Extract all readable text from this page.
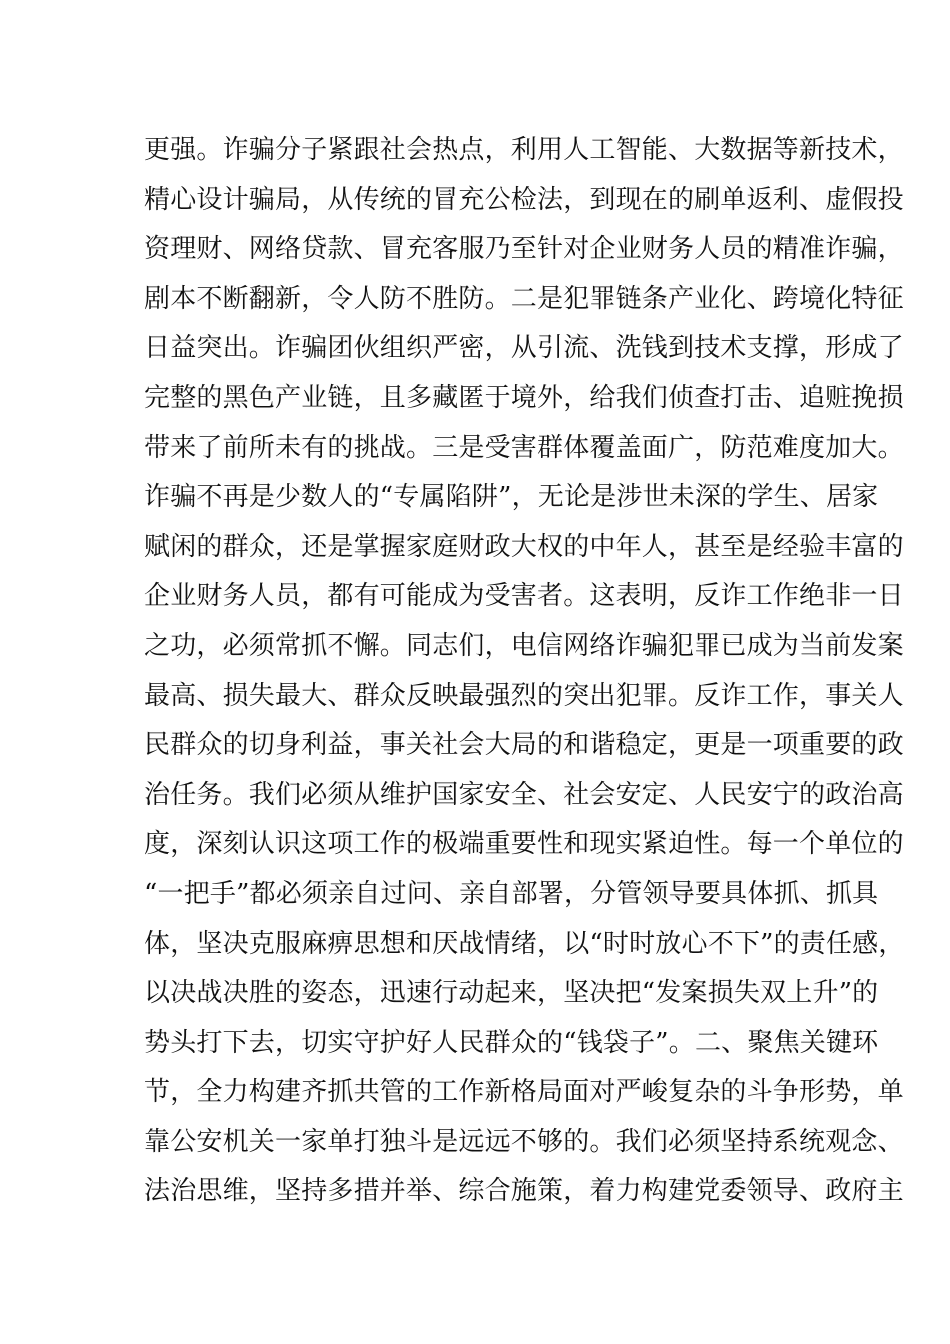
更强。诈骗分子紧跟社会热点，利用人工智能、大数据等新技术，
精心设计骗局，从传统的冒充公检法，到现在的刷单返利、虚假投
资理财、网络贷款、冒充客服乃至针对企业财务人员的精准诈骗，
剧本不断翻新，令人防不胜防。二是犯罪链条产业化、跨境化特征
日益突出。诈骗团伙组织严密，从引流、洗钱到技术支撑，形成了
完整的黑色产业链，且多藏匿于境外，给我们侦查打击、追赃挽损
带来了前所未有的挑战。三是受害群体覆盖面广，防范难度加大。
诈骗不再是少数人的“专属陷阱”，无论是涉世未深的学生、居家
赋闲的群众，还是掌握家庭财政大权的中年人，甚至是经验丰富的
企业财务人员，都有可能成为受害者。这表明，反诈工作绝非一日
之功，必须常抓不懈。同志们，电信网络诈骗犯罪已成为当前发案
最高、损失最大、群众反映最强烈的突出犯罪。反诈工作，事关人
民群众的切身利益，事关社会大局的和谐稳定，更是一项重要的政
治任务。我们必须从维护国家安全、社会安定、人民安宁的政治高
度，深刻认识这项工作的极端重要性和现实紧迫性。每一个单位的
“一把手”都必须亲自过问、亲自部署，分管领导要具体抓、抓具
体，坚决克服麻痹思想和厌战情绪，以“时时放心不下”的责任感，
以决战决胜的姿态，迅速行动起来，坚决把“发案损失双上升”的
势头打下去，切实守护好人民群众的“钱袋子”。二、聚焦关键环
节，全力构建齐抓共管的工作新格局面对严峻复杂的斗争形势，单
靠公安机关一家单打独斗是远远不够的。我们必须坚持系统观念、
法治思维，坚持多措并举、综合施策，着力构建党委领导、政府主
